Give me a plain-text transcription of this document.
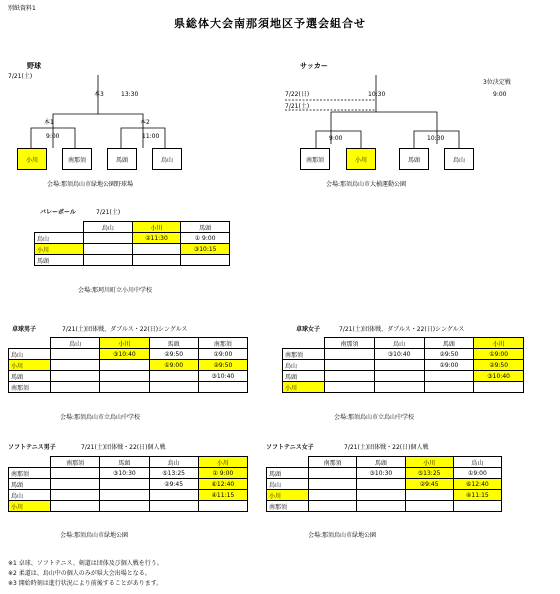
別紙資料1
県総体大会南那須地区予選会組合せ
野球
7/21(土)
本3	13:30
本1
9:00
本2
11:00
小川	南那須	馬頭	烏山
会場:那須烏山市緑地公園野球場
サッカー
3位決定戦
9:00
7/22(日)	10:30
7/21(土)
9:00	10:30
南那須	小川	馬頭	烏山
会場:那須烏山市大桶運動公園
バレーボール	7/21(土)
	烏山	小川	馬頭
烏山		②11:30	① 9:00
小川			③10:15
馬頭			
会場:那珂川町立小川中学校
卓球男子	7/21(土)団体戦、ダブルス・22(日)シングルス
	烏山	小川	馬頭	南那須
烏山		③10:40	②9:50	①9:00
小川			①9:00	②9:50
馬頭				③10:40
南那須				
会場:那須烏山市立烏山中学校
卓球女子	7/21(土)団体戦、ダブルス・22(日)シングルス
	南那須	烏山	馬頭	小川
南那須		③10:40	②9:50	①9:00
烏山			①9:00	②9:50
馬頭				③10:40
小川				
会場:那須烏山市立烏山中学校
ソフトテニス男子	7/21(土)団体戦・22(日)個人戦
	南那須	馬頭	烏山	小川
南那須		③10:30	⑤13:25	① 9:00
馬頭			②9:45	⑥12:40
烏山				④11:15
小川				
会場:那須烏山市緑地公園
ソフトテニス女子	7/21(土)団体戦・22(日)個人戦
	南那須	馬頭	小川	烏山
馬頭		③10:30	⑤13:25	①9:00
烏山			②9:45	⑥12:40
小川				④11:15
南那須				
会場:那須烏山市緑地公園
※1 卓球、ソフトテニス、剣道は団体及び個人戦を行う。
※2 柔道は、烏山中の個人のみが県大会出場となる。
※3 開始時刻は進行状況により前後することがあります。
